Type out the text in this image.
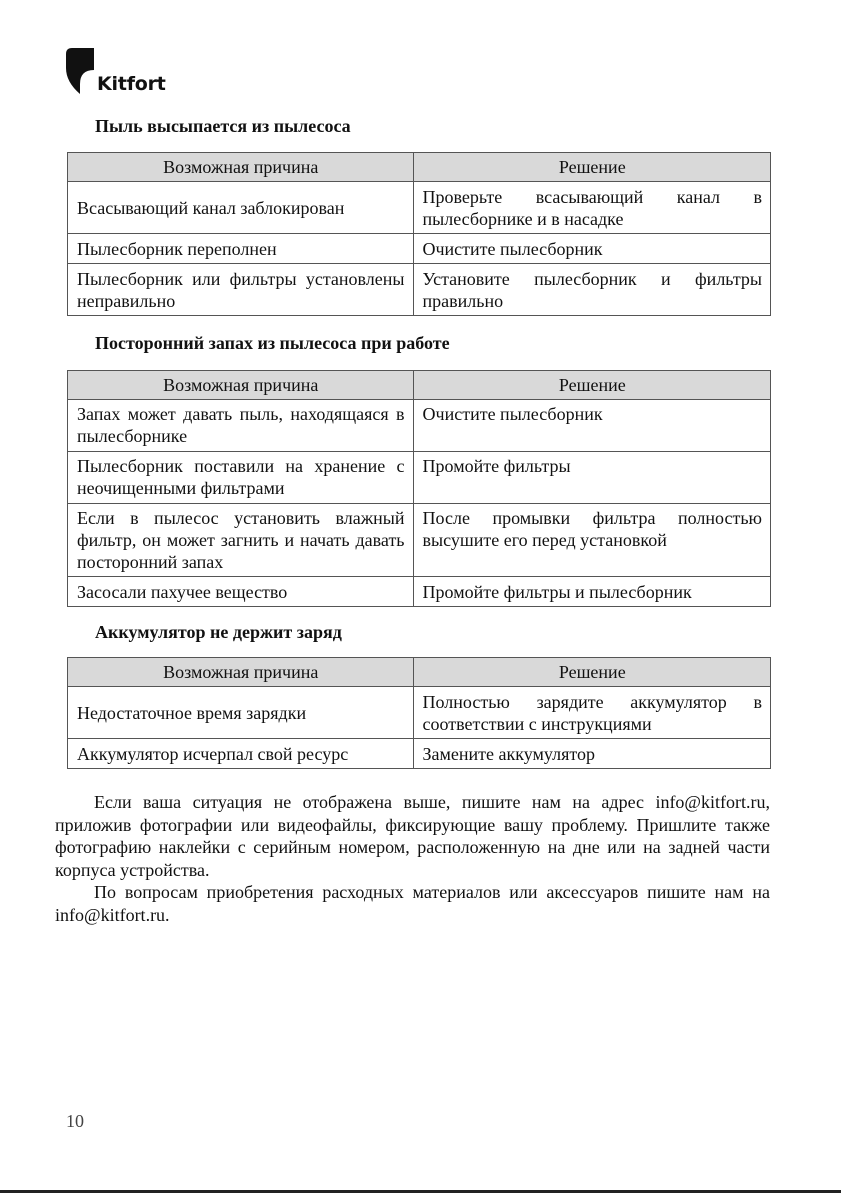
Kitfort
Пыль высыпается из пылесоса
Возможная причина	Решение
Всасывающий канал заблокирован	Проверьте всасывающий канал в пылесборнике и в насадке
Пылесборник переполнен	Очистите пылесборник
Пылесборник или фильтры установлены неправильно	Установите пылесборник и фильтры правильно
Посторонний запах из пылесоса при работе
Возможная причина	Решение
Запах может давать пыль, находящаяся в пылесборнике	Очистите пылесборник
Пылесборник поставили на хранение с неочищенными фильтрами	Промойте фильтры
Если в пылесос установить влажный фильтр, он может загнить и начать давать посторонний запах	После промывки фильтра полностью высушите его перед установкой
Засосали пахучее вещество	Промойте фильтры и пылесборник
Аккумулятор не держит заряд
Возможная причина	Решение
Недостаточное время зарядки	Полностью зарядите аккумулятор в соответствии с инструкциями
Аккумулятор исчерпал свой ресурс	Замените аккумулятор

Если ваша ситуация не отображена выше, пишите нам на адрес info@kitfort.ru, приложив фотографии или видеофайлы, фиксирующие вашу проблему. Пришлите также фотографию наклейки с серийным номером, расположенную на дне или на задней части корпуса устройства.

По вопросам приобретения расходных материалов или аксессуаров пишите нам на info@kitfort.ru.

10
